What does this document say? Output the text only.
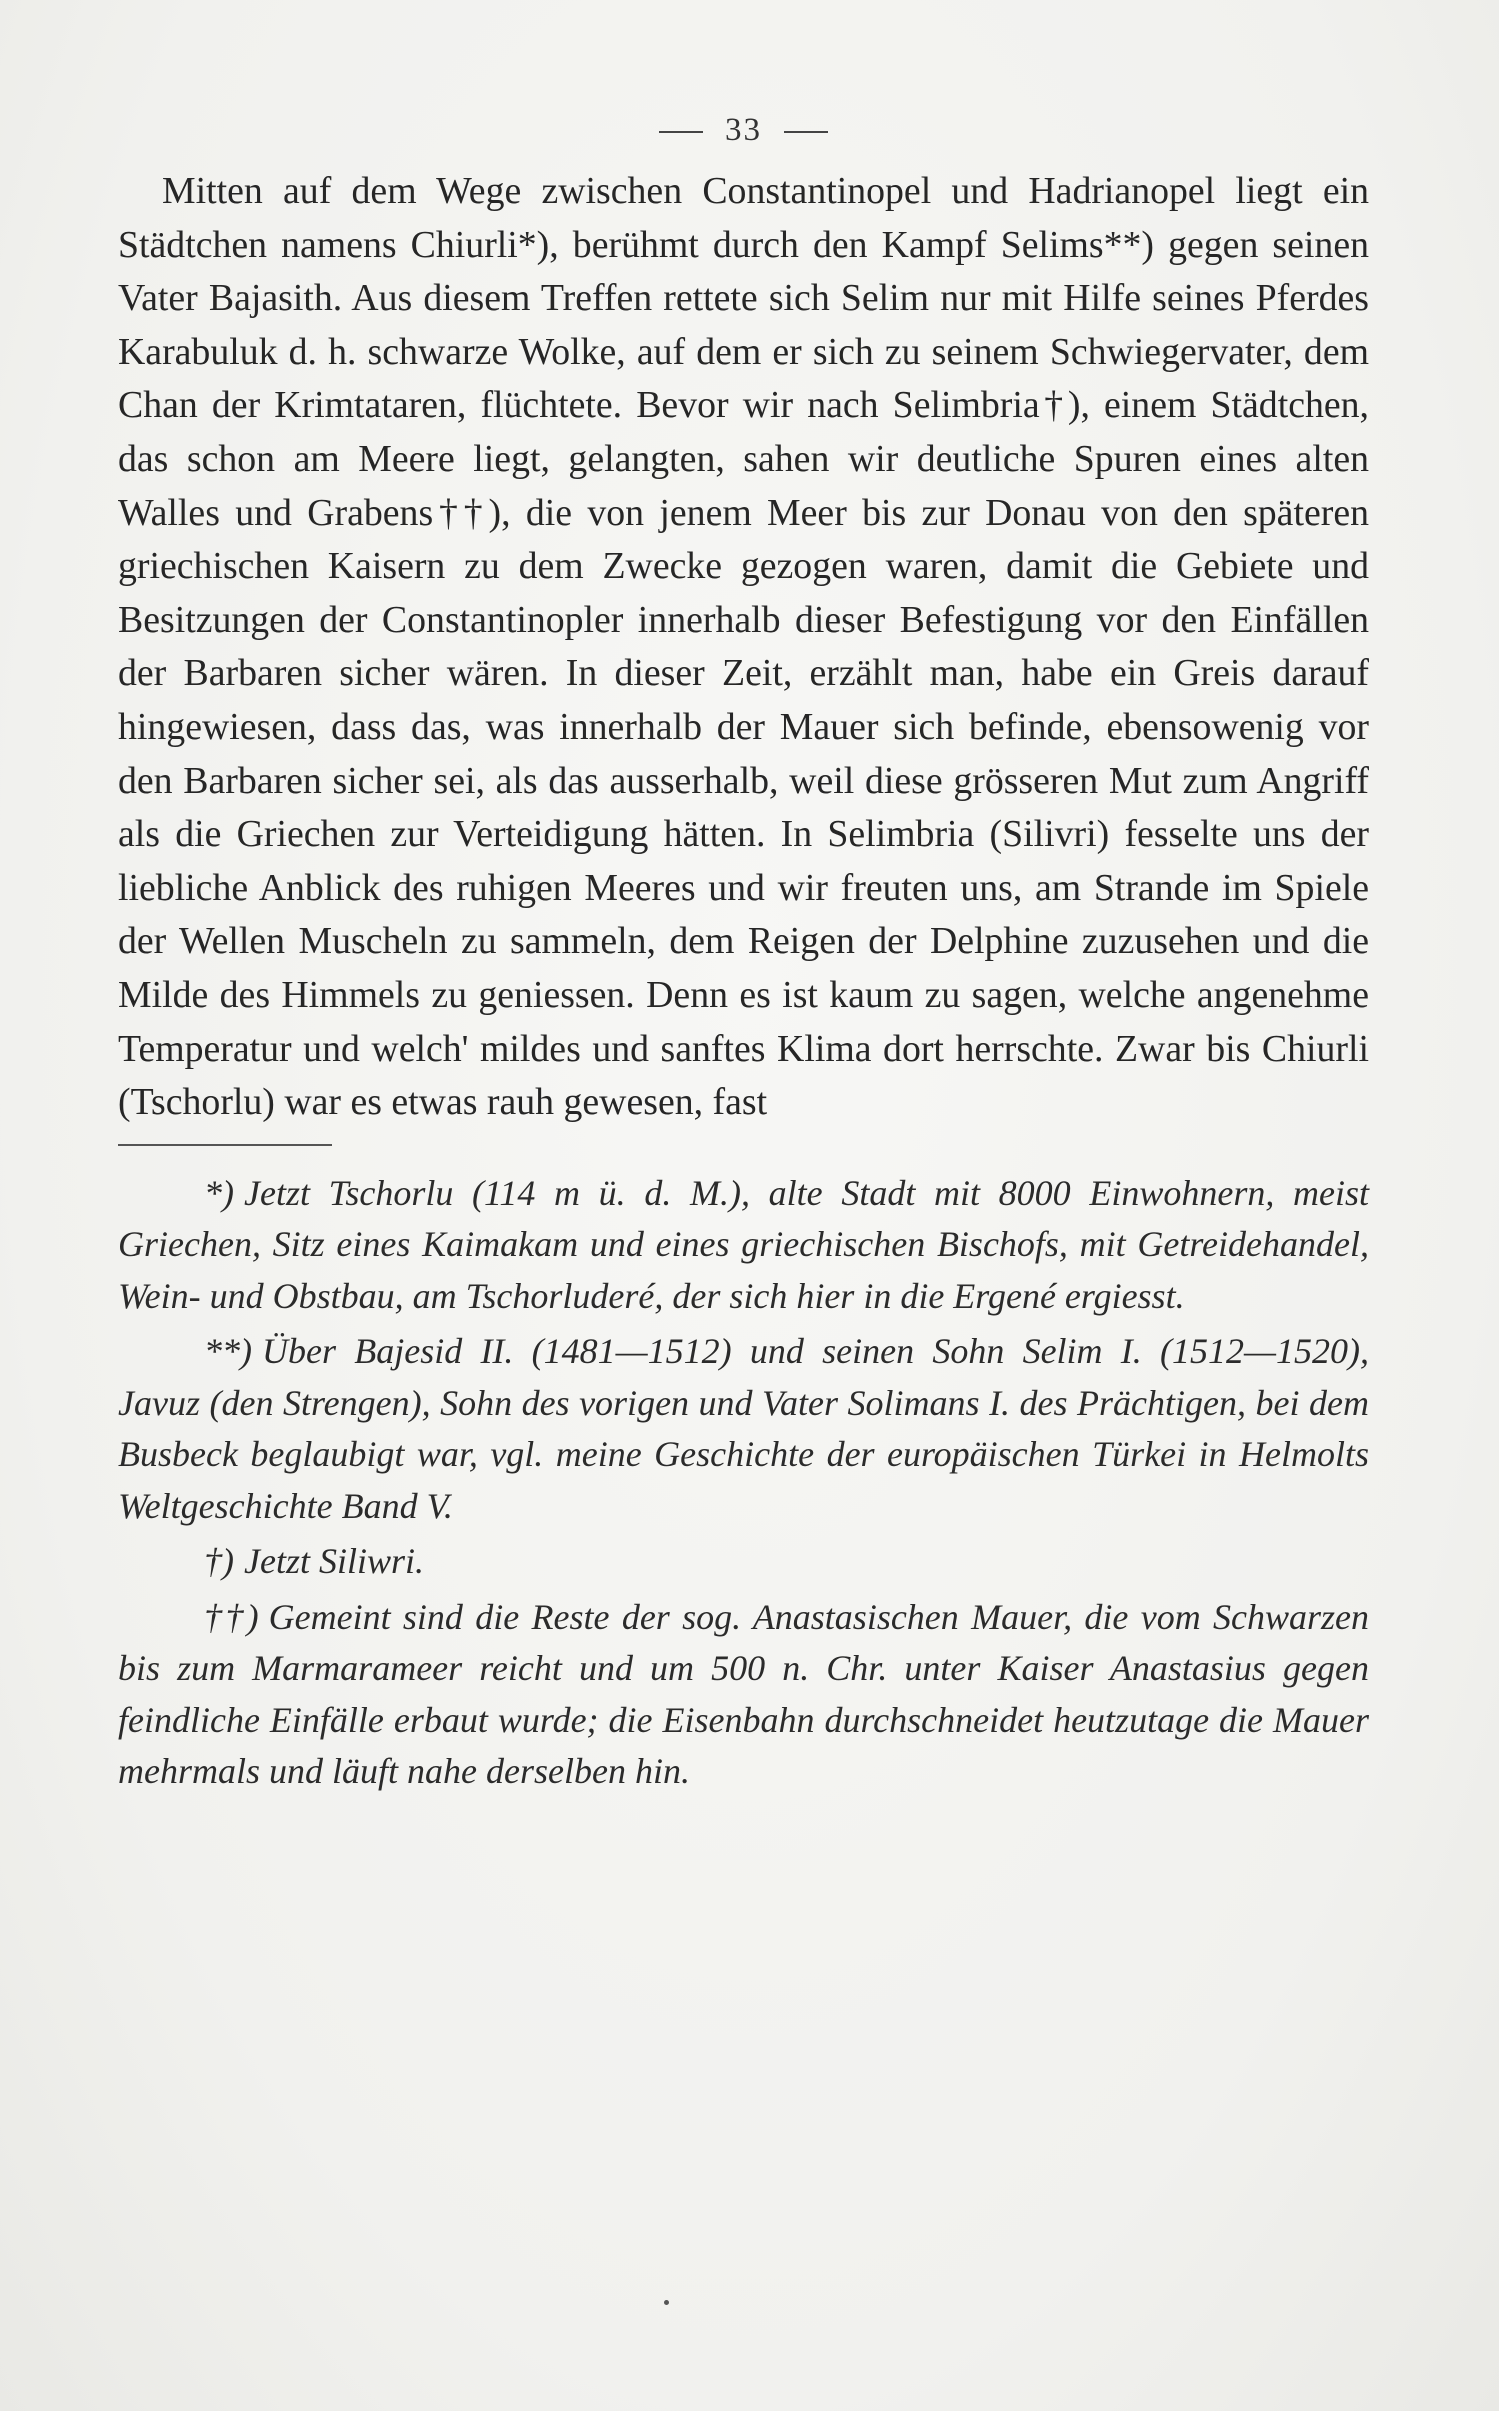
33

Mitten auf dem Wege zwischen Constantinopel und Hadrianopel liegt ein Städtchen namens Chiurli*), berühmt durch den Kampf Selims**) gegen seinen Vater Bajasith. Aus diesem Treffen rettete sich Selim nur mit Hilfe seines Pferdes Karabuluk d. h. schwarze Wolke, auf dem er sich zu seinem Schwiegervater, dem Chan der Krimtataren, flüchtete. Bevor wir nach Selimbria†), einem Städtchen, das schon am Meere liegt, gelangten, sahen wir deutliche Spuren eines alten Walles und Grabens††), die von jenem Meer bis zur Donau von den späteren griechischen Kaisern zu dem Zwecke gezogen waren, damit die Gebiete und Besitzungen der Constantinopler innerhalb dieser Befestigung vor den Einfällen der Barbaren sicher wären. In dieser Zeit, erzählt man, habe ein Greis darauf hingewiesen, dass das, was innerhalb der Mauer sich befinde, ebensowenig vor den Barbaren sicher sei, als das ausserhalb, weil diese grösseren Mut zum Angriff als die Griechen zur Verteidigung hätten. In Selimbria (Silivri) fesselte uns der liebliche Anblick des ruhigen Meeres und wir freuten uns, am Strande im Spiele der Wellen Muscheln zu sammeln, dem Reigen der Delphine zuzusehen und die Milde des Himmels zu geniessen. Denn es ist kaum zu sagen, welche angenehme Temperatur und welch' mildes und sanftes Klima dort herrschte. Zwar bis Chiurli (Tschorlu) war es etwas rauh gewesen, fast

*) Jetzt Tschorlu (114 m ü. d. M.), alte Stadt mit 8000 Einwohnern, meist Griechen, Sitz eines Kaimakam und eines griechischen Bischofs, mit Getreidehandel, Wein- und Obstbau, am Tschorluderé, der sich hier in die Ergené ergiesst.

**) Über Bajesid II. (1481—1512) und seinen Sohn Selim I. (1512—1520), Javuz (den Strengen), Sohn des vorigen und Vater Solimans I. des Prächtigen, bei dem Busbeck beglaubigt war, vgl. meine Geschichte der europäischen Türkei in Helmolts Weltgeschichte Band V.

†) Jetzt Siliwri.

††) Gemeint sind die Reste der sog. Anastasischen Mauer, die vom Schwarzen bis zum Marmarameer reicht und um 500 n. Chr. unter Kaiser Anastasius gegen feindliche Einfälle erbaut wurde; die Eisenbahn durchschneidet heutzutage die Mauer mehrmals und läuft nahe derselben hin.
